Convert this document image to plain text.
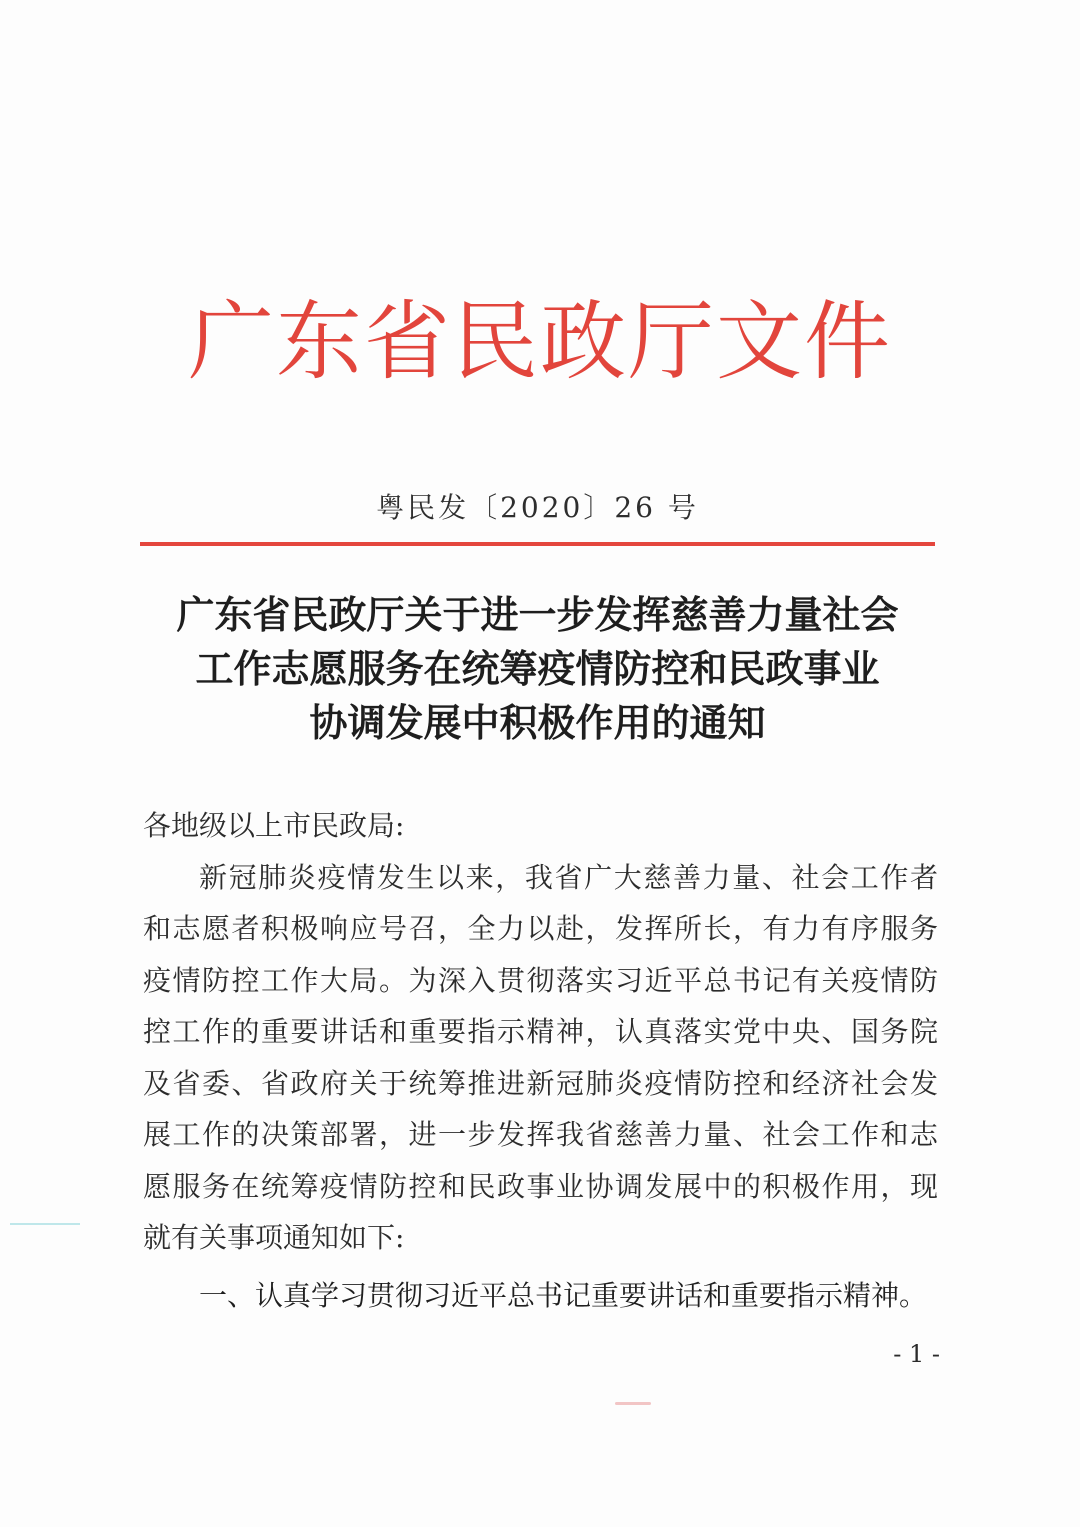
广东省民政厅文件
粤民发〔2020〕26 号
广东省民政厅关于进一步发挥慈善力量社会
工作志愿服务在统筹疫情防控和民政事业
协调发展中积极作用的通知
各地级以上市民政局:
新冠肺炎疫情发生以来，我省广大慈善力量、社会工作者
和志愿者积极响应号召，全力以赴，发挥所长，有力有序服务
疫情防控工作大局。为深入贯彻落实习近平总书记有关疫情防
控工作的重要讲话和重要指示精神，认真落实党中央、国务院
及省委、省政府关于统筹推进新冠肺炎疫情防控和经济社会发
展工作的决策部署，进一步发挥我省慈善力量、社会工作和志
愿服务在统筹疫情防控和民政事业协调发展中的积极作用，现
就有关事项通知如下:
一、认真学习贯彻习近平总书记重要讲话和重要指示精神。
- 1 -
